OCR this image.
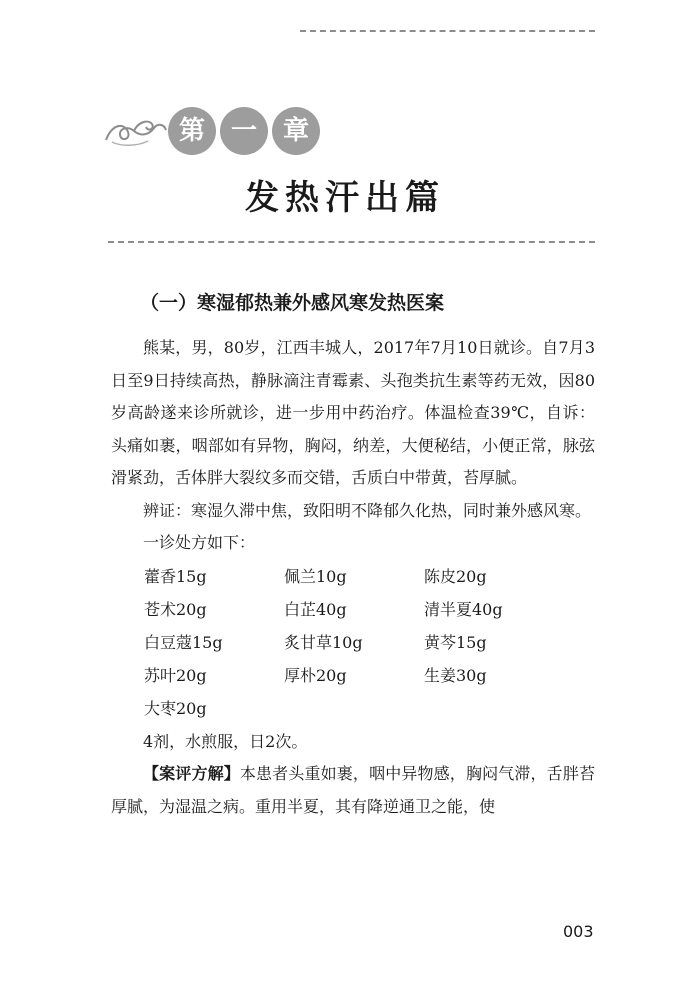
第 一 章
发热汗出篇
（一）寒湿郁热兼外感风寒发热医案

熊某，男，80岁，江西丰城人，2017年7月10日就诊。自7月3日至9日持续高热，静脉滴注青霉素、头孢类抗生素等药无效，因80岁高龄遂来诊所就诊，进一步用中药治疗。体温检查39℃，自诉：头痛如裹，咽部如有异物，胸闷，纳差，大便秘结，小便正常，脉弦滑紧劲，舌体胖大裂纹多而交错，舌质白中带黄，苔厚腻。

辨证：寒湿久滞中焦，致阳明不降郁久化热，同时兼外感风寒。

一诊处方如下：

藿香15g	佩兰10g	陈皮20g
苍术20g	白芷40g	清半夏40g
白豆蔻15g	炙甘草10g	黄芩15g
苏叶20g	厚朴20g	生姜30g
大枣20g

4剂，水煎服，日2次。

【案评方解】本患者头重如裹，咽中异物感，胸闷气滞，舌胖苔厚腻，为湿温之病。重用半夏，其有降逆通卫之能，使

003
